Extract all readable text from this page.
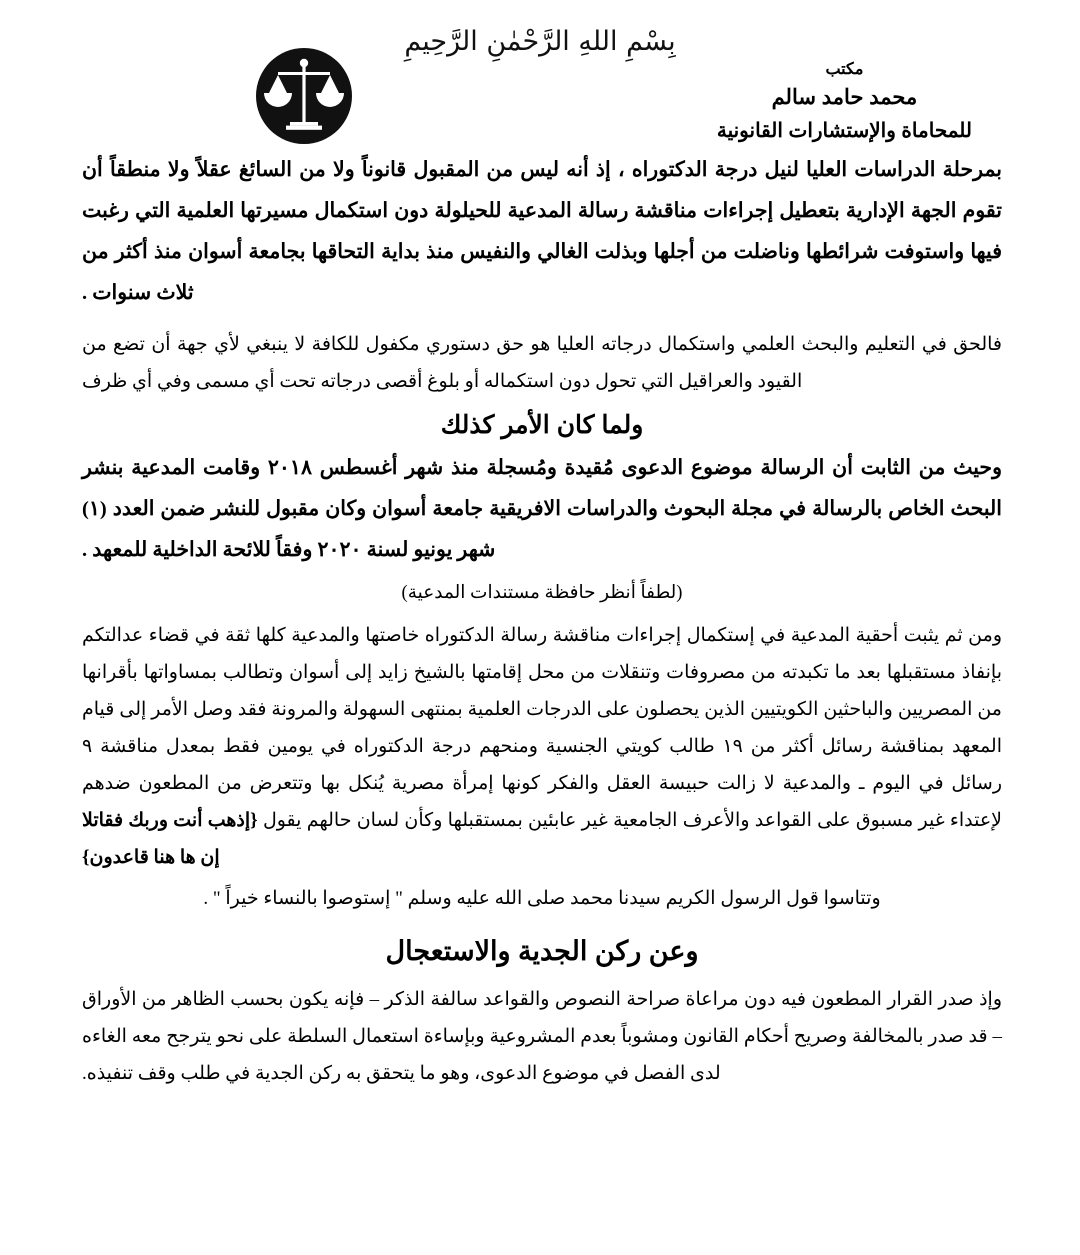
بِسْمِ اللهِ الرَّحْمٰنِ الرَّحِيمِ
مكتب
محمد حامد سالم
للمحاماة والإستشارات القانونية

بمرحلة الدراسات العليا لنيل درجة الدكتوراه ، إذ أنه ليس من المقبول قانوناً ولا من السائغ عقلاً ولا منطقاً أن تقوم الجهة الإدارية بتعطيل إجراءات مناقشة رسالة المدعية للحيلولة دون استكمال مسيرتها العلمية التي رغبت فيها واستوفت شرائطها وناضلت من أجلها وبذلت الغالي والنفيس منذ بداية التحاقها بجامعة أسوان منذ أكثر من ثلاث سنوات .

فالحق في التعليم والبحث العلمي واستكمال درجاته العليا هو حق دستوري مكفول للكافة لا ينبغي لأي جهة أن تضع من القيود والعراقيل التي تحول دون استكماله أو بلوغ أقصى درجاته تحت أي مسمى وفي أي ظرف

ولما كان الأمر كذلك

وحيث من الثابت أن الرسالة موضوع الدعوى مُقيدة ومُسجلة منذ شهر أغسطس ٢٠١٨ وقامت المدعية بنشر البحث الخاص بالرسالة في مجلة البحوث والدراسات الافريقية جامعة أسوان وكان مقبول للنشر ضمن العدد (١) شهر يونيو لسنة ٢٠٢٠ وفقاً للائحة الداخلية للمعهد .

(لطفاً أنظر حافظة مستندات المدعية)

ومن ثم يثبت أحقية المدعية في إستكمال إجراءات مناقشة رسالة الدكتوراه خاصتها والمدعية كلها ثقة في قضاء عدالتكم بإنفاذ مستقبلها بعد ما تكبدته من مصروفات وتنقلات من محل إقامتها بالشيخ زايد إلى أسوان وتطالب بمساواتها بأقرانها من المصريين والباحثين الكويتيين الذين يحصلون على الدرجات العلمية بمنتهى السهولة والمرونة فقد وصل الأمر إلى قيام المعهد بمناقشة رسائل أكثر من ١٩ طالب كويتي الجنسية ومنحهم درجة الدكتوراه في يومين فقط بمعدل مناقشة ٩ رسائل في اليوم ـ والمدعية لا زالت حبيسة العقل والفكر كونها إمرأة مصرية يُنكل بها وتتعرض من المطعون ضدهم لإعتداء غير مسبوق على القواعد والأعرف الجامعية غير عابئين بمستقبلها وكأن لسان حالهم يقول {إذهب أنت وربك فقاتلا إن ها هنا قاعدون}

وتتاسوا قول الرسول الكريم سيدنا محمد صلى الله عليه وسلم " إستوصوا بالنساء خيراً " .

وعن ركن الجدية والاستعجال

وإذ صدر القرار المطعون فيه دون مراعاة صراحة النصوص والقواعد سالفة الذكر – فإنه يكون بحسب الظاهر من الأوراق – قد صدر بالمخالفة وصريح أحكام القانون ومشوباً بعدم المشروعية وبإساءة استعمال السلطة على نحو يترجح معه الغاءه لدى الفصل في موضوع الدعوى، وهو ما يتحقق به ركن الجدية في طلب وقف تنفيذه.
